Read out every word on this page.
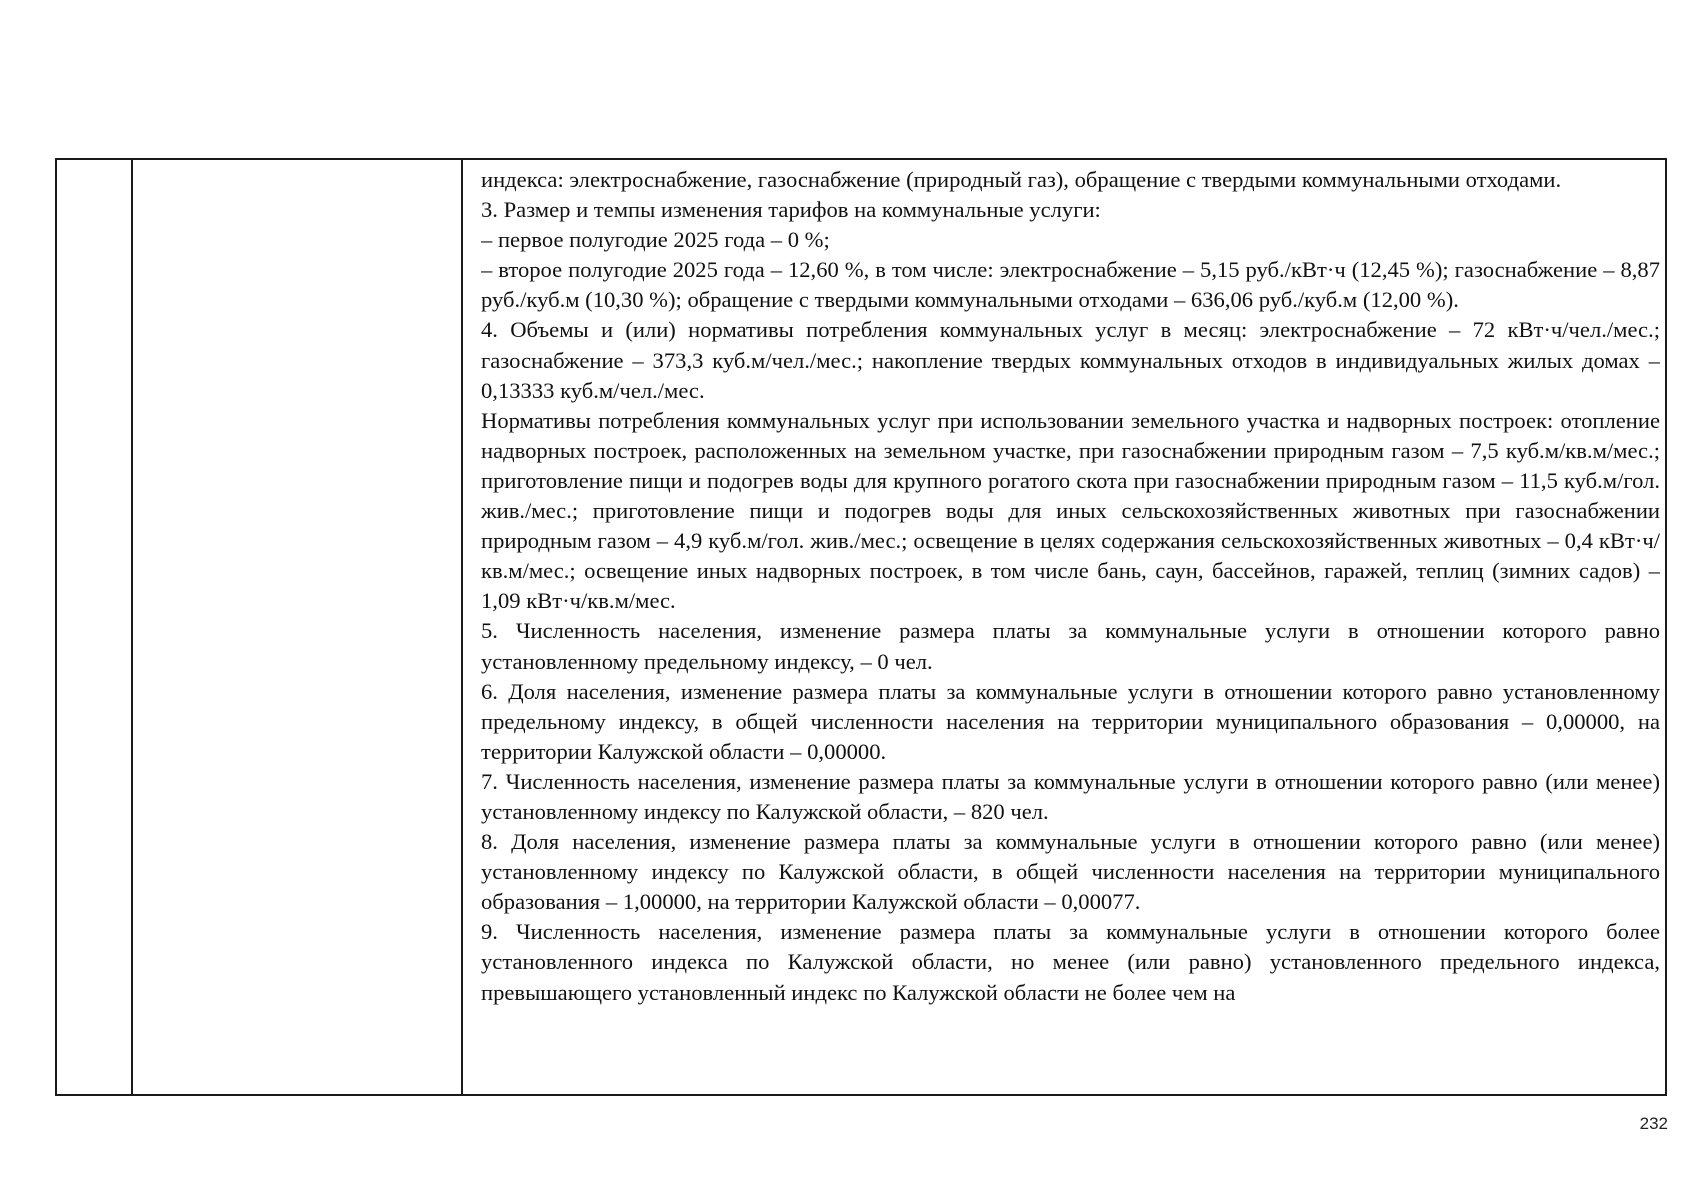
индекса: электроснабжение, газоснабжение (природный газ), обращение с твердыми коммунальными отходами.

3. Размер и темпы изменения тарифов на коммунальные услуги:

– первое полугодие 2025 года – 0 %;

– второе полугодие 2025 года – 12,60 %, в том числе: электроснабжение – 5,15 руб./кВт·ч (12,45 %); газоснабжение – 8,87 руб./куб.м (10,30 %); обращение с твердыми коммунальными отходами – 636,06 руб./куб.м (12,00 %).

4. Объемы и (или) нормативы потребления коммунальных услуг в месяц: электроснабжение – 72 кВт·ч/чел./мес.; газоснабжение – 373,3 куб.м/чел./мес.; накопление твердых коммунальных отходов в индивидуальных жилых домах – 0,13333 куб.м/чел./мес.

Нормативы потребления коммунальных услуг при использовании земельного участка и надворных построек: отопление надворных построек, расположенных на земельном участке, при газоснабжении природным газом – 7,5 куб.м/кв.м/мес.; приготовление пищи и подогрев воды для крупного рогатого скота при газоснабжении природным газом – 11,5 куб.м/гол. жив./мес.; приготовление пищи и подогрев воды для иных сельскохозяйственных животных при газоснабжении природным газом – 4,9 куб.м/гол. жив./мес.; освещение в целях содержания сельскохозяйственных животных – 0,4 кВт·ч/кв.м/мес.; освещение иных надворных построек, в том числе бань, саун, бассейнов, гаражей, теплиц (зимних садов) – 1,09 кВт·ч/кв.м/мес.

5. Численность населения, изменение размера платы за коммунальные услуги в отношении которого равно установленному предельному индексу, – 0 чел.

6. Доля населения, изменение размера платы за коммунальные услуги в отношении которого равно установленному предельному индексу, в общей численности населения на территории муниципального образования – 0,00000, на территории Калужской области – 0,00000.

7. Численность населения, изменение размера платы за коммунальные услуги в отношении которого равно (или менее) установленному индексу по Калужской области, – 820 чел.

8. Доля населения, изменение размера платы за коммунальные услуги в отношении которого равно (или менее) установленному индексу по Калужской области, в общей численности населения на территории муниципального образования – 1,00000, на территории Калужской области – 0,00077.

9. Численность населения, изменение размера платы за коммунальные услуги в отношении которого более установленного индекса по Калужской области, но менее (или равно) установленного предельного индекса, превышающего установленный индекс по Калужской области не более чем на

232
